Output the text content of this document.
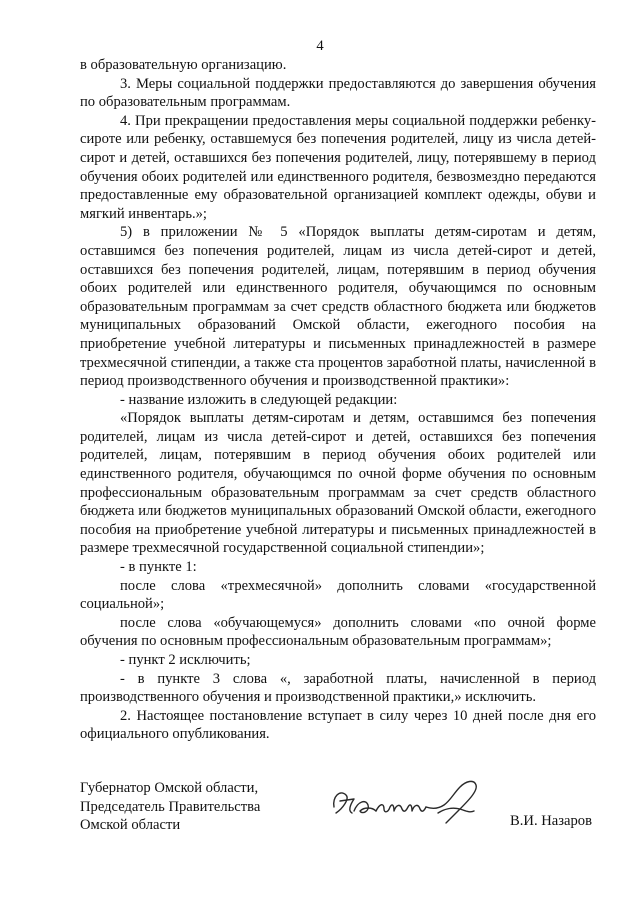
4

в образовательную организацию.

3. Меры социальной поддержки предоставляются до завершения обучения по образовательным программам.

4. При прекращении предоставления меры социальной поддержки ребенку-сироте или ребенку, оставшемуся без попечения родителей, лицу из числа детей-сирот и детей, оставшихся без попечения родителей, лицу, потерявшему в период обучения обоих родителей или единственного родителя, безвозмездно передаются предоставленные ему образовательной организацией комплект одежды, обуви и мягкий инвентарь.»;

5) в приложении № 5 «Порядок выплаты детям-сиротам и детям, оставшимся без попечения родителей, лицам из числа детей-сирот и детей, оставшихся без попечения родителей, лицам, потерявшим в период обучения обоих родителей или единственного родителя, обучающимся по основным образовательным программам за счет средств областного бюджета или бюджетов муниципальных образований Омской области, ежегодного пособия на приобретение учебной литературы и письменных принадлежностей в размере трехмесячной стипендии, а также ста процентов заработной платы, начисленной в период производственного обучения и производственной практики»:

- название изложить в следующей редакции:

«Порядок выплаты детям-сиротам и детям, оставшимся без попечения родителей, лицам из числа детей-сирот и детей, оставшихся без попечения родителей, лицам, потерявшим в период обучения обоих родителей или единственного родителя, обучающимся по очной форме обучения по основным профессиональным образовательным программам за счет средств областного бюджета или бюджетов муниципальных образований Омской области, ежегодного пособия на приобретение учебной литературы и письменных принадлежностей в размере трехмесячной государственной социальной стипендии»;

- в пункте 1:

после слова «трехмесячной» дополнить словами «государственной социальной»;

после слова «обучающемуся» дополнить словами «по очной форме обучения по основным профессиональным образовательным программам»;

- пункт 2 исключить;

- в пункте 3 слова «, заработной платы, начисленной в период производственного обучения и производственной практики,» исключить.

2. Настоящее постановление вступает в силу через 10 дней после дня его официального опубликования.

Губернатор Омской области,
Председатель Правительства
Омской области	В.И. Назаров
